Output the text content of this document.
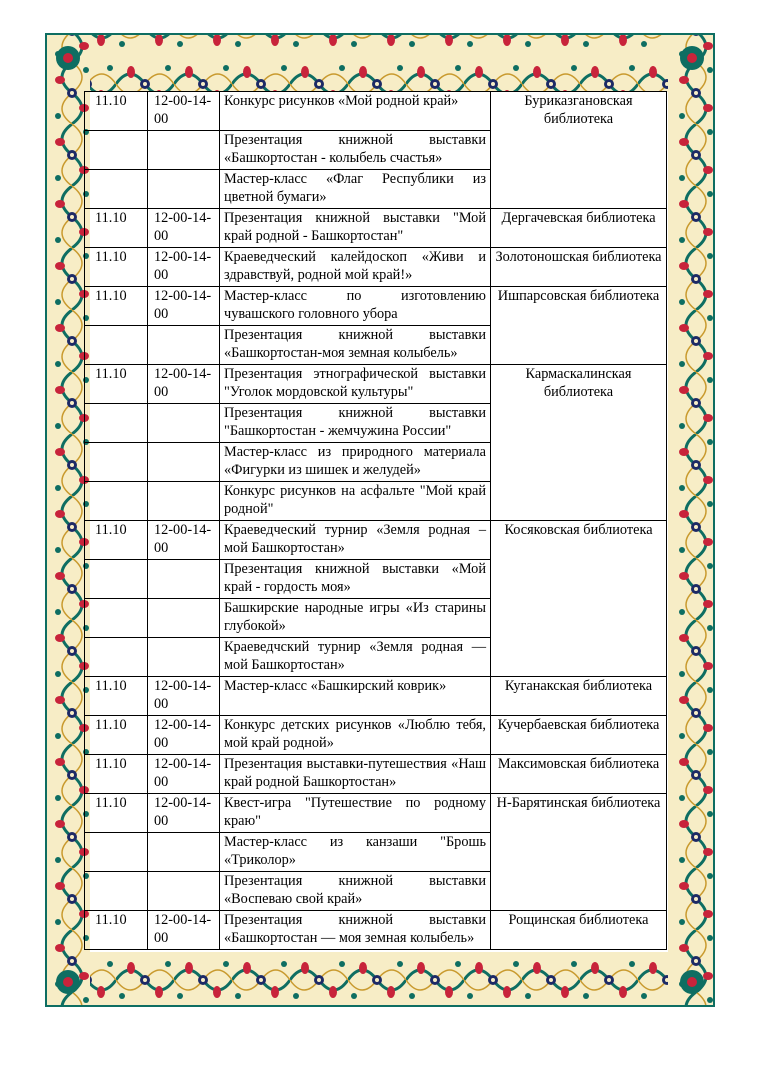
11.10	12-00-14-00	Конкурс рисунков «Мой родной край»	Буриказгановская библиотека
		Презентация книжной выставки «Башкортостан - колыбель счастья»	
		Мастер-класс «Флаг Республики из цветной бумаги»	
11.10	12-00-14-00	Презентация книжной выставки "Мой край родной - Башкортостан"	Дергачевская библиотека
11.10	12-00-14-00	Краеведческий калейдоскоп «Живи и здравствуй, родной мой край!»	Золотоношская библиотека
11.10	12-00-14-00	Мастер-класс по изготовлению чувашского головного убора	Ишпарсовская библиотека
		Презентация книжной выставки «Башкортостан-моя земная колыбель»	
11.10	12-00-14-00	Презентация этнографической выставки "Уголок мордовской культуры"	Кармаскалинская библиотека
		Презентация книжной выставки "Башкортостан - жемчужина России"	
		Мастер-класс из природного материала «Фигурки из шишек и желудей»	
		Конкурс рисунков на асфальте "Мой край родной"	
11.10	12-00-14-00	Краеведческий турнир «Земля родная – мой Башкортостан»	Косяковская библиотека
		Презентация книжной выставки «Мой край - гордость моя»	
		Башкирские народные игры «Из старины глубокой»	
		Краеведчский турнир «Земля родная — мой Башкортостан»	
11.10	12-00-14-00	Мастер-класс «Башкирский коврик»	Куганакская библиотека
11.10	12-00-14-00	Конкурс детских рисунков «Люблю тебя, мой край родной»	Кучербаевская библиотека
11.10	12-00-14-00	Презентация выставки-путешествия «Наш край родной Башкортостан»	Максимовская библиотека
11.10	12-00-14-00	Квест-игра "Путешествие по родному краю"	Н-Барятинская библиотека
		Мастер-класс из канзаши "Брошь «Триколор»	
		Презентация книжной выставки «Воспеваю свой край»	
11.10	12-00-14-00	Презентация книжной выставки «Башкортостан — моя земная колыбель»	Рощинская библиотека
